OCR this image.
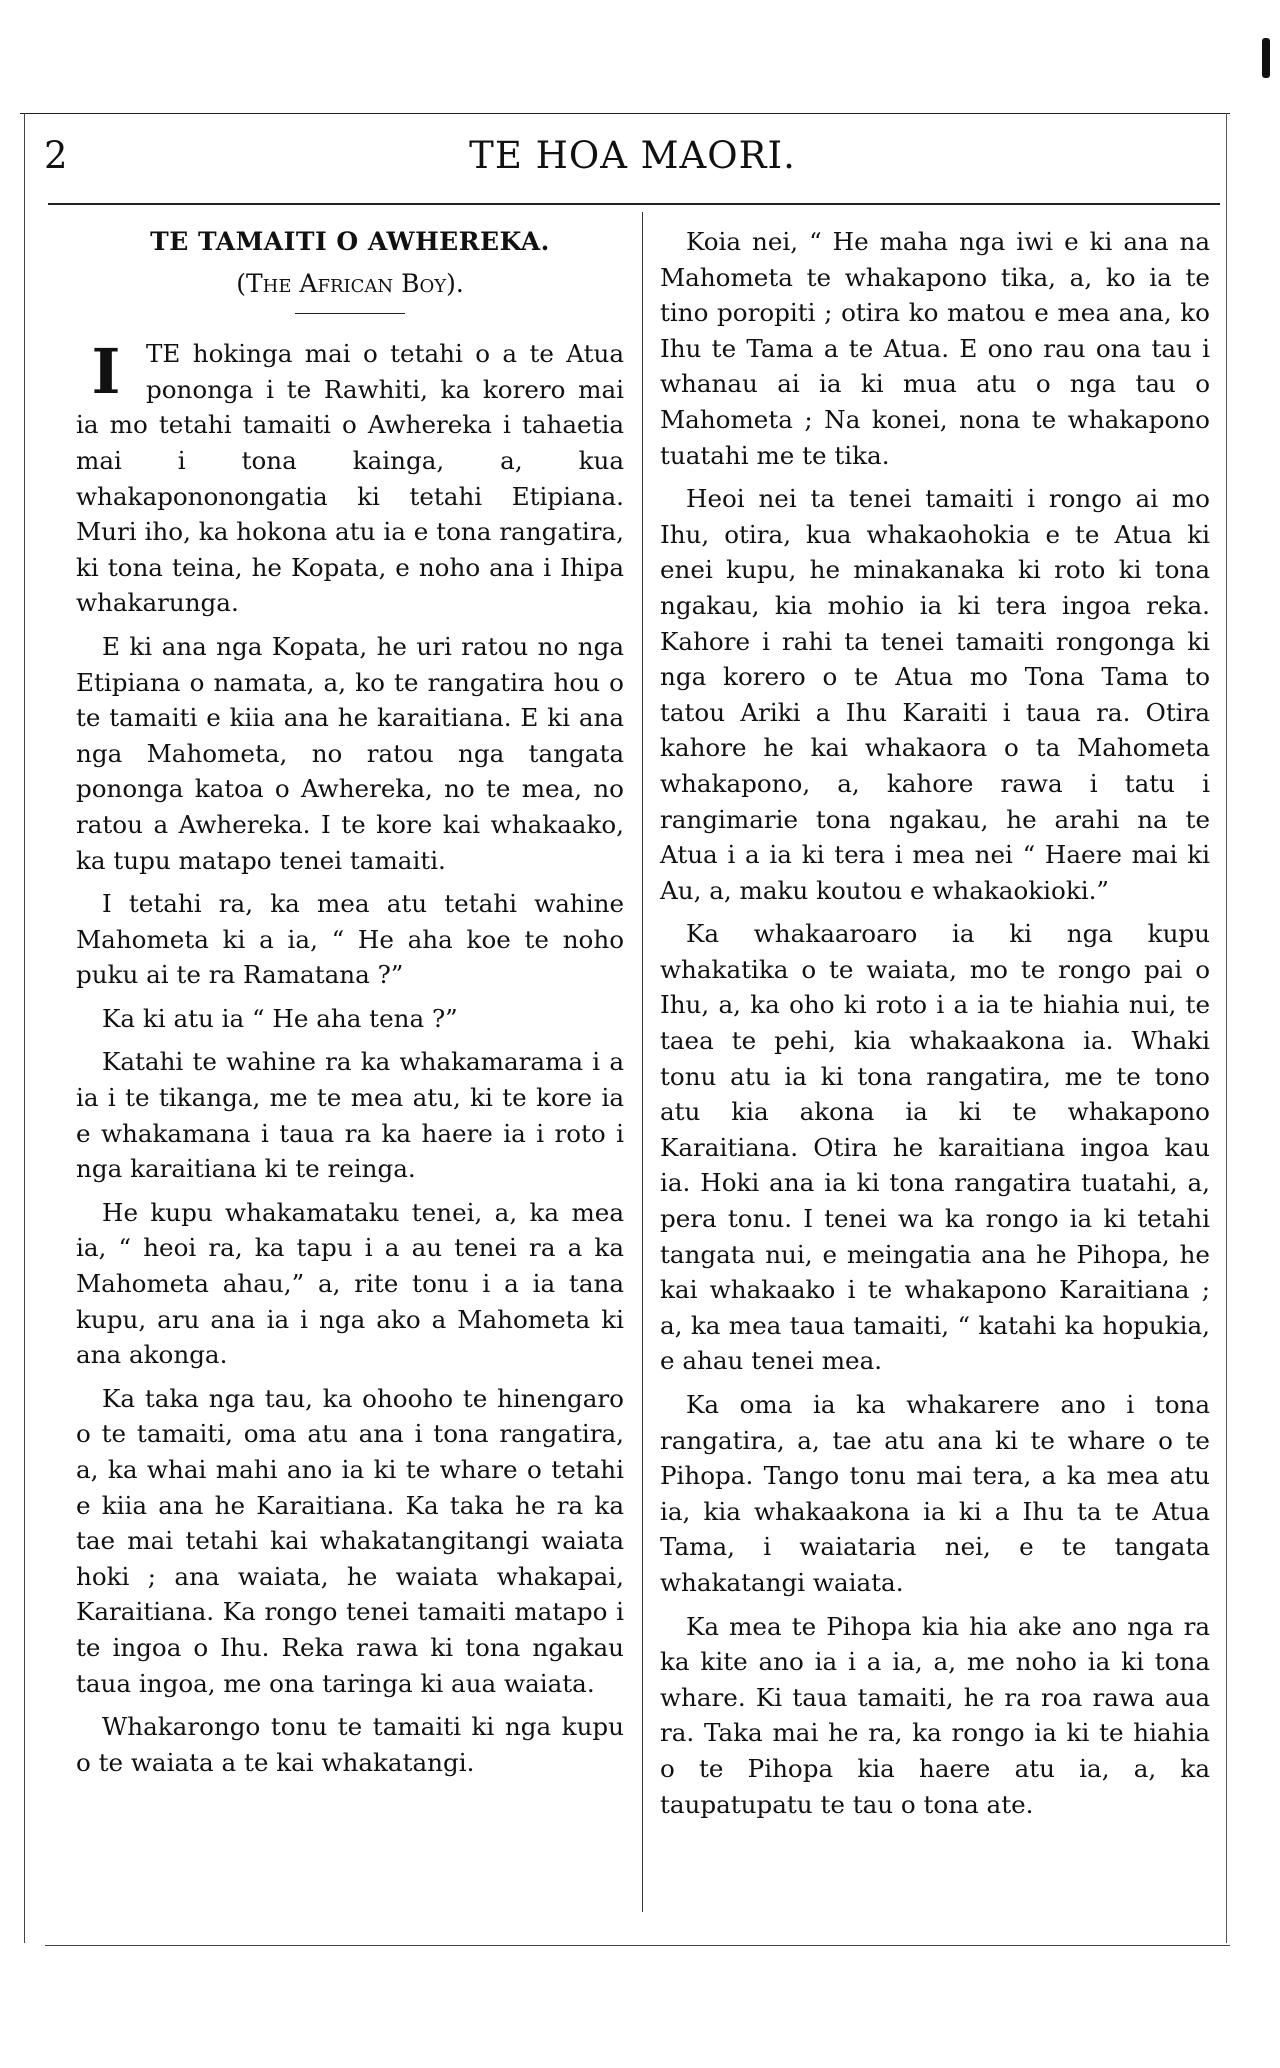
2	TE HOA MAORI.
TE TAMAITI O AWHEREKA.
(The African Boy).

I	TE hokinga mai o tetahi o a te Atua pononga i te Rawhiti, ka korero mai ia mo tetahi tamaiti o Awhereka i tahaetia mai i tona kainga, a, kua whakapononongatia ki tetahi Etipiana. Muri iho, ka hokona atu ia e tona rangatira, ki tona teina, he Kopata, e noho ana i Ihipa whakarunga.

E ki ana nga Kopata, he uri ratou no nga Etipiana o namata, a, ko te rangatira hou o te tamaiti e kiia ana he karaitiana. E ki ana nga Mahometa, no ratou nga tangata pononga katoa o Awhereka, no te mea, no ratou a Awhereka. I te kore kai whakaako, ka tupu matapo tenei tamaiti.

I tetahi ra, ka mea atu tetahi wahine Mahometa ki a ia, “ He aha koe te noho puku ai te ra Ramatana ?”

Ka ki atu ia “ He aha tena ?”

Katahi te wahine ra ka whakamarama i a ia i te tikanga, me te mea atu, ki te kore ia e whakamana i taua ra ka haere ia i roto i nga karaitiana ki te reinga.

He kupu whakamataku tenei, a, ka mea ia, “ heoi ra, ka tapu i a au tenei ra a ka Mahometa ahau,” a, rite tonu i a ia tana kupu, aru ana ia i nga ako a Mahometa ki ana akonga.

Ka taka nga tau, ka ohooho te hinengaro o te tamaiti, oma atu ana i tona rangatira, a, ka whai mahi ano ia ki te whare o tetahi e kiia ana he Karaitiana. Ka taka he ra ka tae mai tetahi kai whakatangitangi waiata hoki ; ana waiata, he waiata whakapai, Karaitiana. Ka rongo tenei tamaiti matapo i te ingoa o Ihu. Reka rawa ki tona ngakau taua ingoa, me ona taringa ki aua waiata.

Whakarongo tonu te tamaiti ki nga kupu o te waiata a te kai whakatangi.

Koia nei, “ He maha nga iwi e ki ana na Mahometa te whakapono tika, a, ko ia te tino poropiti ; otira ko matou e mea ana, ko Ihu te Tama a te Atua. E ono rau ona tau i whanau ai ia ki mua atu o nga tau o Mahometa ; Na konei, nona te whakapono tuatahi me te tika.

Heoi nei ta tenei tamaiti i rongo ai mo Ihu, otira, kua whakaohokia e te Atua ki enei kupu, he minakanaka ki roto ki tona ngakau, kia mohio ia ki tera ingoa reka. Kahore i rahi ta tenei tamaiti rongonga ki nga korero o te Atua mo Tona Tama to tatou Ariki a Ihu Karaiti i taua ra. Otira kahore he kai whakaora o ta Mahometa whakapono, a, kahore rawa i tatu i rangimarie tona ngakau, he arahi na te Atua i a ia ki tera i mea nei “ Haere mai ki Au, a, maku koutou e whakaokioki.”

Ka whakaaroaro ia ki nga kupu whakatika o te waiata, mo te rongo pai o Ihu, a, ka oho ki roto i a ia te hiahia nui, te taea te pehi, kia whakaakona ia. Whaki tonu atu ia ki tona rangatira, me te tono atu kia akona ia ki te whakapono Karaitiana. Otira he karaitiana ingoa kau ia. Hoki ana ia ki tona rangatira tuatahi, a, pera tonu. I tenei wa ka rongo ia ki tetahi tangata nui, e meingatia ana he Pihopa, he kai whakaako i te whakapono Karaitiana ; a, ka mea taua tamaiti, “ katahi ka hopukia, e ahau tenei mea.

Ka oma ia ka whakarere ano i tona rangatira, a, tae atu ana ki te whare o te Pihopa. Tango tonu mai tera, a ka mea atu ia, kia whakaakona ia ki a Ihu ta te Atua Tama, i waiataria nei, e te tangata whakatangi waiata.

Ka mea te Pihopa kia hia ake ano nga ra ka kite ano ia i a ia, a, me noho ia ki tona whare. Ki taua tamaiti, he ra roa rawa aua ra. Taka mai he ra, ka rongo ia ki te hiahia o te Pihopa kia haere atu ia, a, ka taupatupatu te tau o tona ate.
